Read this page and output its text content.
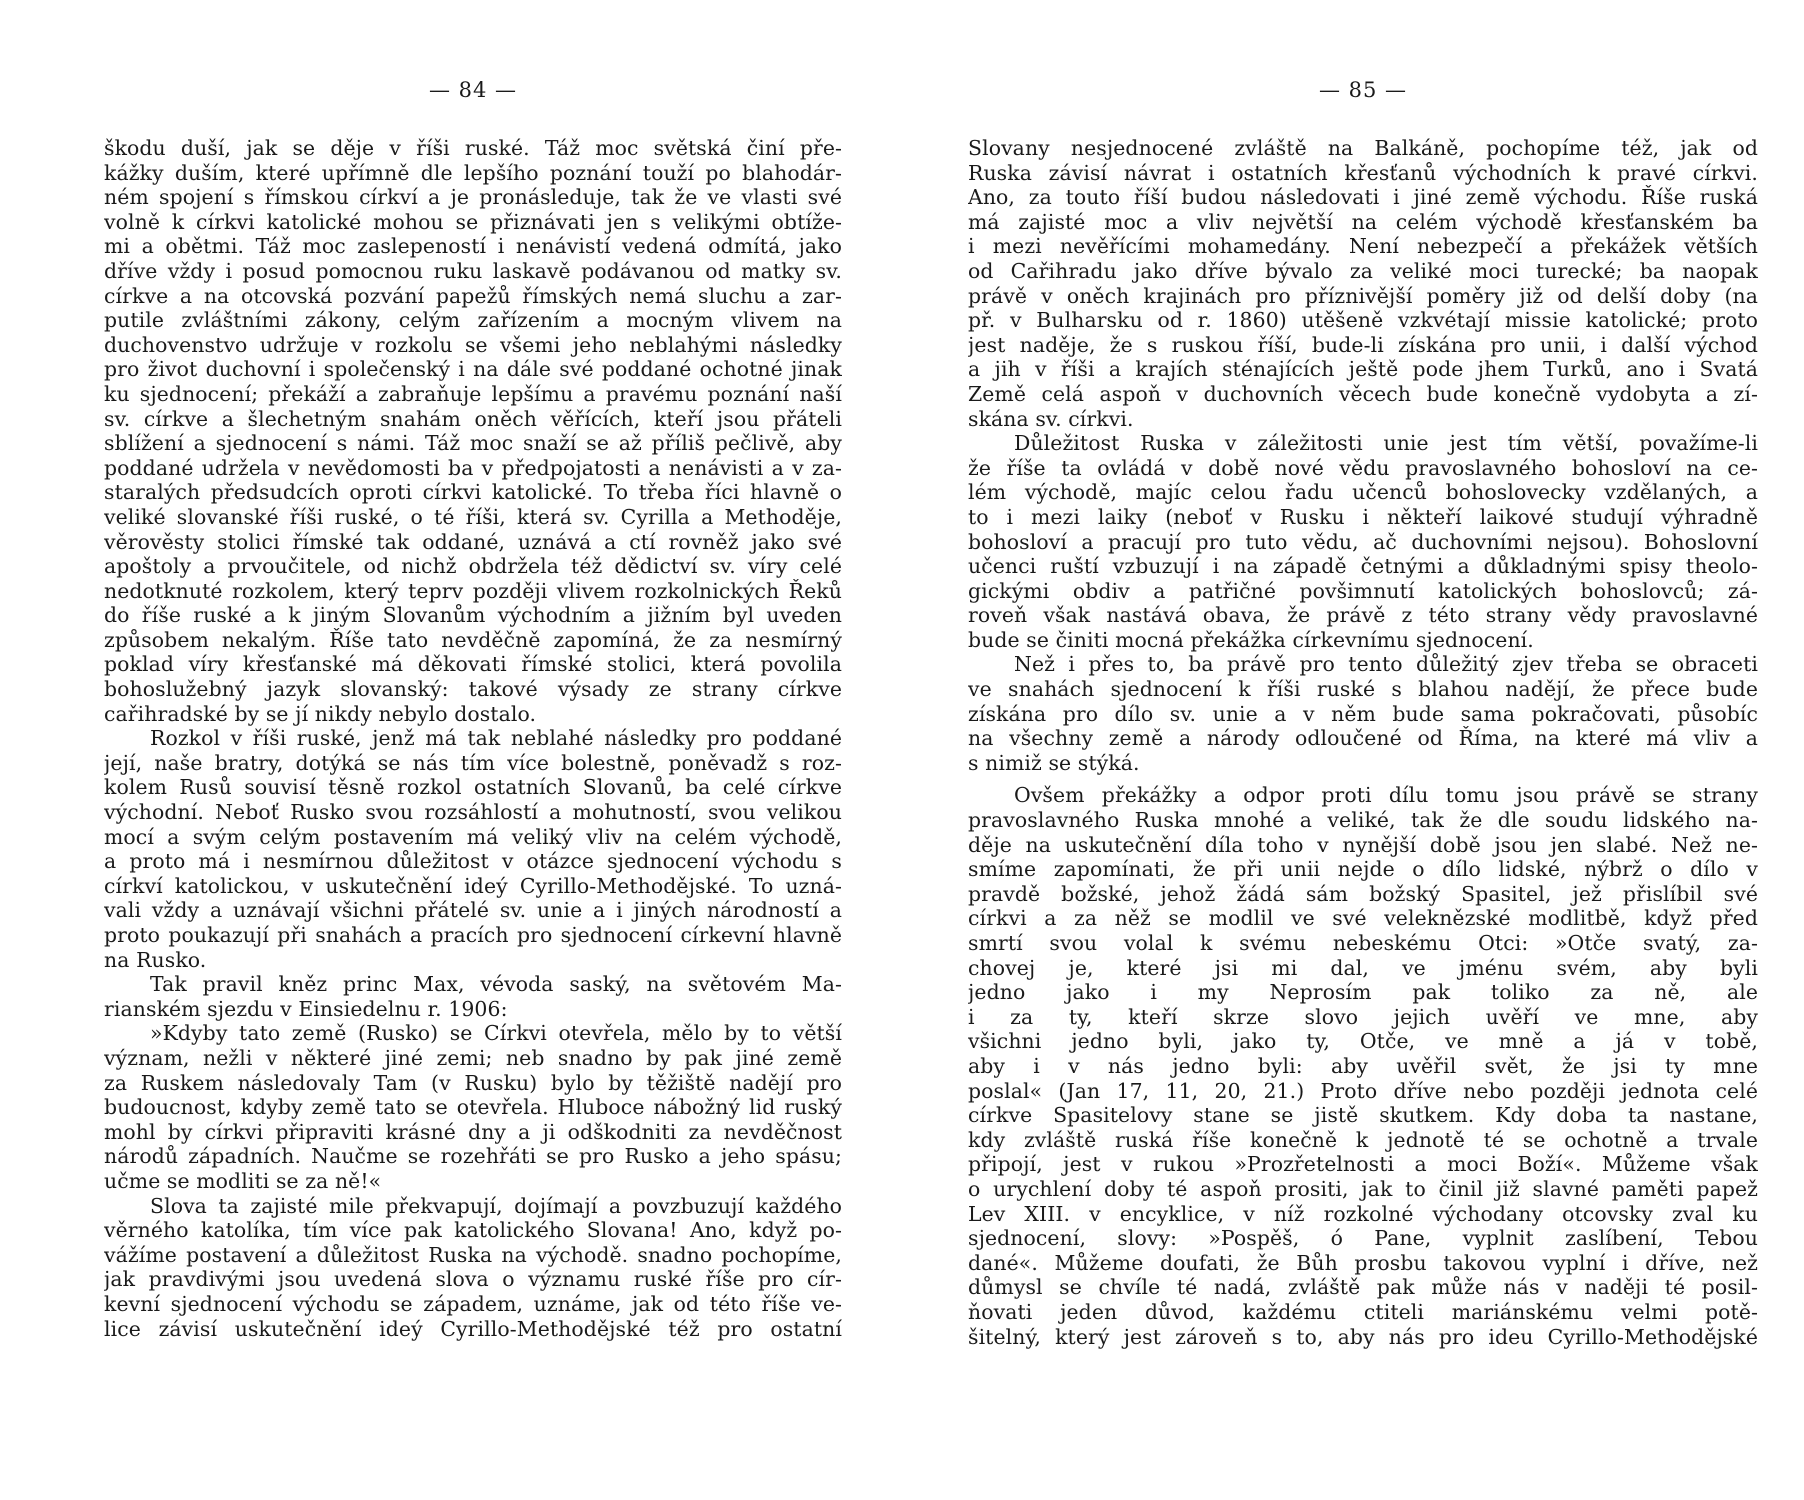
— 84 —
škodu duší, jak se děje v říši ruské. Táž moc světská činí pře-
kážky duším, které upřímně dle lepšího poznání touží po blahodár-
ném spojení s římskou církví a je pronásleduje, tak že ve vlasti své
volně k církvi katolické mohou se přiznávati jen s velikými obtíže-
mi a obětmi. Táž moc zaslepeností i nenávistí vedená odmítá, jako
dříve vždy i posud pomocnou ruku laskavě podávanou od matky sv.
církve a na otcovská pozvání papežů římských nemá sluchu a zar-
putile zvláštními zákony, celým zařízením a mocným vlivem na
duchovenstvo udržuje v rozkolu se všemi jeho neblahými následky
pro život duchovní i společenský i na dále své poddané ochotné jinak
ku sjednocení; překáží a zabraňuje lepšímu a pravému poznání naší
sv. církve a šlechetným snahám oněch věřících, kteří jsou přáteli
sblížení a sjednocení s námi. Táž moc snaží se až příliš pečlivě, aby
poddané udržela v nevědomosti ba v předpojatosti a nenávisti a v za-
staralých předsudcích oproti církvi katolické. To třeba říci hlavně o
veliké slovanské říši ruské, o té říši, která sv. Cyrilla a Methoděje,
věrověsty stolici římské tak oddané, uznává a ctí rovněž jako své
apoštoly a prvoučitele, od nichž obdržela též dědictví sv. víry celé
nedotknuté rozkolem, který teprv později vlivem rozkolnických Řeků
do říše ruské a k jiným Slovanům východním a jižním byl uveden
způsobem nekalým. Říše tato nevděčně zapomíná, že za nesmírný
poklad víry křesťanské má děkovati římské stolici, která povolila
bohoslužebný jazyk slovanský: takové výsady ze strany církve
cařihradské by se jí nikdy nebylo dostalo.
Rozkol v říši ruské, jenž má tak neblahé následky pro poddané
její, naše bratry, dotýká se nás tím více bolestně, poněvadž s roz-
kolem Rusů souvisí těsně rozkol ostatních Slovanů, ba celé církve
východní. Neboť Rusko svou rozsáhlostí a mohutností, svou velikou
mocí a svým celým postavením má veliký vliv na celém východě,
a proto má i nesmírnou důležitost v otázce sjednocení východu s
církví katolickou, v uskutečnění ideý Cyrillo-Methodějské. To uzná-
vali vždy a uznávají všichni přátelé sv. unie a i jiných národností a
proto poukazují při snahách a pracích pro sjednocení církevní hlavně
na Rusko.
Tak pravil kněz princ Max, vévoda saský, na světovém Ma-
rianském sjezdu v Einsiedelnu r. 1906:
»Kdyby tato země (Rusko) se Církvi otevřela, mělo by to větší
význam, nežli v některé jiné zemi; neb snadno by pak jiné země
za Ruskem následovaly Tam (v Rusku) bylo by těžiště nadějí pro
budoucnost, kdyby země tato se otevřela. Hluboce nábožný lid ruský
mohl by církvi připraviti krásné dny a ji odškodniti za nevděčnost
národů západních. Naučme se rozehřáti se pro Rusko a jeho spásu;
učme se modliti se za ně!«
Slova ta zajisté mile překvapují, dojímají a povzbuzují každého
věrného katolíka, tím více pak katolického Slovana! Ano, když po-
vážíme postavení a důležitost Ruska na východě. snadno pochopíme,
jak pravdivými jsou uvedená slova o významu ruské říše pro cír-
kevní sjednocení východu se západem, uznáme, jak od této říše ve-
lice závisí uskutečnění ideý Cyrillo-Methodějské též pro ostatní
— 85 —
Slovany nesjednocené zvláště na Balkáně, pochopíme též, jak od
Ruska závisí návrat i ostatních křesťanů východních k pravé církvi.
Ano, za touto říší budou následovati i jiné země východu. Říše ruská
má zajisté moc a vliv největší na celém východě křesťanském ba
i mezi nevěřícími mohamedány. Není nebezpečí a překážek větších
od Cařihradu jako dříve bývalo za veliké moci turecké; ba naopak
právě v oněch krajinách pro příznivější poměry již od delší doby (na
př. v Bulharsku od r. 1860) utěšeně vzkvétají missie katolické; proto
jest naděje, že s ruskou říší, bude-li získána pro unii, i další východ
a jih v říši a krajích sténajících ještě pode jhem Turků, ano i Svatá
Země celá aspoň v duchovních věcech bude konečně vydobyta a zí-
skána sv. církvi.
Důležitost Ruska v záležitosti unie jest tím větší, považíme-li
že říše ta ovládá v době nové vědu pravoslavného bohosloví na ce-
lém východě, majíc celou řadu učenců bohoslovecky vzdělaných, a
to i mezi laiky (neboť v Rusku i někteří laikové studují výhradně
bohosloví a pracují pro tuto vědu, ač duchovními nejsou). Bohoslovní
učenci ruští vzbuzují i na západě četnými a důkladnými spisy theolo-
gickými obdiv a patřičné povšimnutí katolických bohoslovců; zá-
roveň však nastává obava, že právě z této strany vědy pravoslavné
bude se činiti mocná překážka církevnímu sjednocení.
Než i přes to, ba právě pro tento důležitý zjev třeba se obraceti
ve snahách sjednocení k říši ruské s blahou nadějí, že přece bude
získána pro dílo sv. unie a v něm bude sama pokračovati, působíc
na všechny země a národy odloučené od Říma, na které má vliv a
s nimiž se stýká.
Ovšem překážky a odpor proti dílu tomu jsou právě se strany
pravoslavného Ruska mnohé a veliké, tak že dle soudu lidského na-
děje na uskutečnění díla toho v nynější době jsou jen slabé. Než ne-
smíme zapomínati, že při unii nejde o dílo lidské, nýbrž o dílo v
pravdě božské, jehož žádá sám božský Spasitel, jež přislíbil své
církvi a za něž se modlil ve své veleknězské modlitbě, když před
smrtí svou volal k svému nebeskému Otci: »Otče svatý, za-
chovej je, které jsi mi dal, ve jménu svém, aby byli
jedno jako i my Neprosím pak toliko za ně, ale
i za ty, kteří skrze slovo jejich uvěří ve mne, aby
všichni jedno byli, jako ty, Otče, ve mně a já v tobě,
aby i v nás jedno byli: aby uvěřil svět, že jsi ty mne
poslal« (Jan 17, 11, 20, 21.) Proto dříve nebo později jednota celé
církve Spasitelovy stane se jistě skutkem. Kdy doba ta nastane,
kdy zvláště ruská říše konečně k jednotě té se ochotně a trvale
připojí, jest v rukou »Prozřetelnosti a moci Boží«. Můžeme však
o urychlení doby té aspoň prositi, jak to činil již slavné paměti papež
Lev XIII. v encyklice, v níž rozkolné východany otcovsky zval ku
sjednocení, slovy: »Pospěš, ó Pane, vyplnit zaslíbení, Tebou
dané«. Můžeme doufati, že Bůh prosbu takovou vyplní i dříve, než
důmysl se chvíle té nadá, zvláště pak může nás v naději té posil-
ňovati jeden důvod, každému ctiteli mariánskému velmi potě-
šitelný, který jest zároveň s to, aby nás pro ideu Cyrillo-Methodějské
